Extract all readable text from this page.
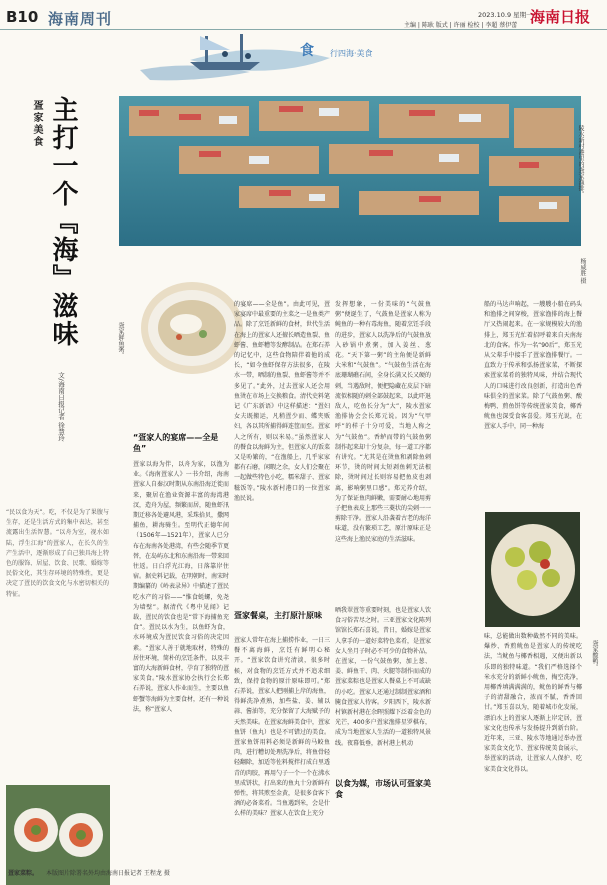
B10 海南周刊	2023.10.9 星期一
主编 | 陈耿 版式 | 许丽 检校 | 李超 蔡伊蕾 海南日报
食 行四海·美食
疍家美食 主打一个『海』滋味
文/海南日报记者 徐慧玲
陵水新村港里的疍家渔排。
杨威胜 摄
疍家鲜鱼粥。
“民以食为天”。吃，不仅是为了果腹与生存，还是生活方式的集中表达，甚至流露出生活智慧。“以舟为室，视水如陆，浮生江海”的疍家人，在长久的生产生活中，逐渐形成了自己独具海上特色的服饰、居屋、饮食、民歌、婚嫁等民俗文化，其生存环境的特殊性，更是决定了疍民的饮食文化与水密切相关的特征。
疍家菜粽。 本版图片除署名外均由海南日报记者 王程龙 摄
“疍家人的宴席——全是鱼”
疍家餐桌，主打原汁原味
以食为媒，市场认可疍家美食
疍家以海为伴，以舟为家，以渔为业。《海南疍家人》一书介绍，海南疍家人自秦汉时期从东南沿海迁徙而来，聚居在渔业资源丰富的海湾港汊，造舟为屋，频繁而居，随鱼虾汛期迁移各处避风港，采珠拾贝，撒网捕鱼，耕海骑生。至明代正德年间（1506年—1521年），疍家人已分布在海南各处港湾，有些会随季节更替，在岛屿东北和东南沿海一带来回往返。日白浮光江海，日落靠岸住宿。据史料记载，在明朝时，南宋时期编纂的《岭表录异》中描述了疍民吃水产的习俗——“惟食蚝螺，免尧为墙壁”。据清代《粤中见闻》记载，疍民的饮食也是“常下海捕鱼充食”。疍民以水为生，以鱼虾为食，水环境成为疍民饮食习俗的决定因素。“疍家人善于就地取材，特殊的居住环境，简朴的烹饪条件，以及丰富的大海新鲜食材，孕育了独特的疍家美食。”陵水疍家协会执行会长郑石养说，疍家人作业而生，主要以鱼虾蟹等海鲜为主要食材，还有一种说法，称“疍家人
的宴席——全是鱼”。由此可见，疍家宴席中最重要的主菜之一是鱼类产品。除了烹饪新鲜的食材，世代生活在海上的疍家人还擅长晒造鱼裂、鱼虾酱、鱼虾糟等发酵制品。在郑石养的记忆中，这些食物陪伴着他的成长，“如今鱼虾保存方法很多，在陵水一带，晒制的鱼裂、鱼虾酱等并不多见了。”此外，过去疍家人还会用鱼烫在市场上交换粮食。清代史料笔记《广东新语》中这样描述：“疍妇女夫既搬运，凡稍疍少而、蝶夹贩妇，各以其所捕得鲜连筐而至。疍家人之所有，则以米易。”虽然疍家人的餐食以海鲜为主，但疍家人的饭菜又是吩繁的，“在渔船上，几乎家家都有石磨，闲暇之余，女人们会聚在一起做些特色小吃，糯米甜子、疍家糍饭等。”陵水新村港口的一位疍家渔民说。
疍家人常年在海上捕捞作业，一日三餐不离海鲜，烹饪有鲜明心秘开。“疍家饮食讲究清淡，很多时候，对食物的烹饪方式并不追求细致，保持食物的原汁原味即可。”郑石养说，疍家人把刚捕上岸的海鱼，得鲜洗净煮熟，加些盐、姜、辅以蒜、酱油等，充分保留了大海赋予的天然美味。在疍家海鲜美食中，疍家鱼饼（鱼丸）也是不可错过的美食。疍家鱼饼用料必须是新鲜的马鲛鱼肉，进行糟切处理洗净后，将鱼骨轻轻翻除，加适等佐料搅拌打成白里透青的肉胶，再用勺子一个一个在沸水里成饼状，打出来的鱼丸十分新鲜有弹性，将其煎至金黄，是很多食客下酒的必备菜肴。当鱼遇到米，会是什么样的美味？疍家人在饮食上充分
发挥想象，一份美味的“气鼓鱼粥”便诞生了，气鼓鱼是疍家人称为鲀鱼的一种有毒海鱼，随着烹饪手段的进步，疍家人以洗净后的气鼓鱼放入砂锅中煮粥，加入姜丝、葱花。“天下第一粥”的主角便是新鲜大米和“气鼓鱼”。“气鼓鱼生活在海底珊瑚礁石间，全身长满又长又硬的刺，当遇敌时，便把隐藏在皮层下暗流似相随的刺全部鼓起来，以此吓退敌人，吃鱼长分为“大”，陵水疍家渔排协会会长郑元说。因为“气甲呼”的样子十分可爱，当地人称之为“气鼓鱼”。香鲈而带的气鼓鱼粥制作起来却十分复杂，每一道工序都有讲究。“尤其是在烫鱼和剥除鱼刺环节，烫的时间太短剥鱼刺无法根除，烫时间过长则容易把鱼皮也剥离，影响粥里口感”。郑元养介绍，为了保证鱼肉鲜嫩，需要耐心地用剪子把鱼表皮上那些三菱状的尖刺一一剪除干净。疍家人沿袭着古老的海洋味道，没有繁琐工艺，原汁原味正是这些海上渔民家庭的生活滋味。
晒我翠疍等重要时刻，也是疍家人饮食习俗苦尽之时。三亚疍家文化陈列馆馆长郑石喜说，昔日，婚嫁是疍家人拿手的一道好菜特色菜肴，是疍家女人坐月子时必不可少的食物补品，在疍家，一份气鼓鱼粥，加上葱、姜、鲜鱼干、肉、火腿等制作而成的疍家菜粽也是疍家人餐桌上不可或缺的小吃。疍家人还通过制制疍家酒和腌食疍家人待客。夕阳西下，陵水新村镇新村港在余晖照耀下泛着金色的光芒，400多户疍家渔排星罗棋布，成为当地疍家人生活的一道独特风景线。夜幕低垂，新村港上机动
船的马达声响起，一艘艘小船在码头和渔排之间穿梭，疍家渔排的海上餐厅又热闹起来。在一家规模较大的渔排上，郑玉光忙着招呼着来自天南海北的食客。作为一名“90后”，郑玉光从父辈手中接手了疍家渔排餐厅。一直致力于传承和弘扬疍家菜，不断探索疍家菜肴的独特风味，并结合现代人的口味进行改良创新，打造出色香味俱全的疍家菜。除了气鼓鱼粥、酸梅鸭、煎鱼饼等传统疍家美食，椰香鱿鱼也深受食客喜爱。郑玉光说，在疍家人手中，同一种海
味，总能做出数种截然不同的美味。爆炒、香煎鱿鱼是疍家人的传统吃法，当鱿鱼与椰香相遇，又便出新以乐即的独特味道。“我们严格选择个米水充分的新鲜小鱿鱼，掏空洗净，用椰香填满满满的，鱿鱼的鲜香与椰子的清甜融合，浓而不腻，香香回甘。”郑玉喜以为，随着城市化发展，漂泊水上的疍家人逐渐上岸定居，疍家文化也传承与发扬提升到新台阶。近年来，三亚、陵水等地通过举办疍家美食文化节、疍家传统美食展示，举疍家的活动，让疍家人人保护、吃家美食文化得以。
疍家酸鸭。
